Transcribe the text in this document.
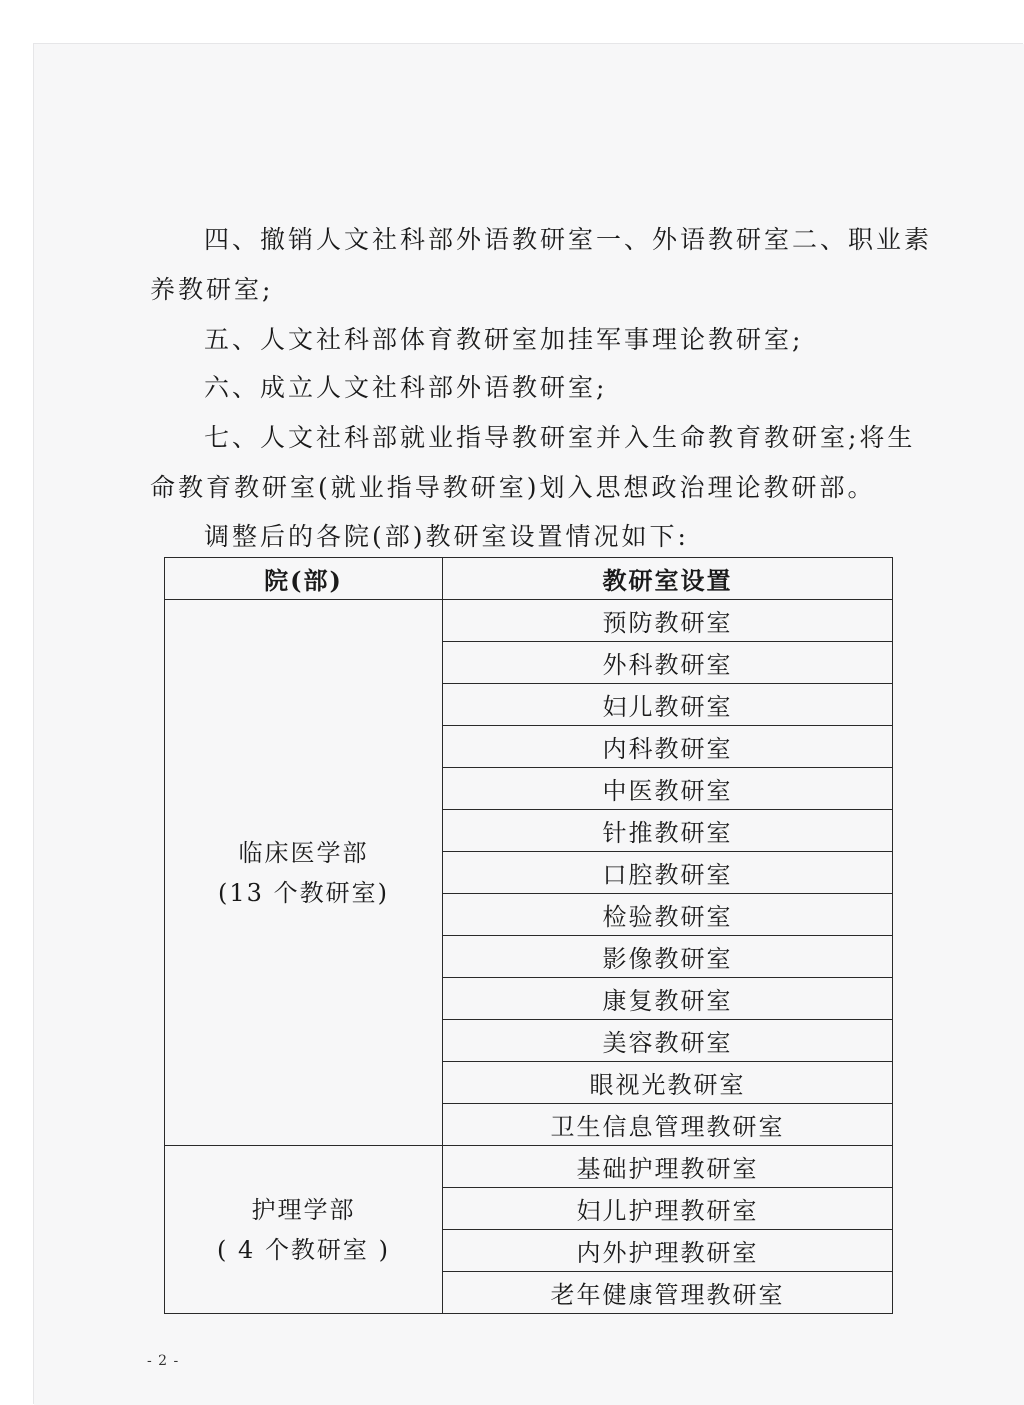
四、撤销人文社科部外语教研室一、外语教研室二、职业素
养教研室;

五、人文社科部体育教研室加挂军事理论教研室;

六、成立人文社科部外语教研室;

七、人文社科部就业指导教研室并入生命教育教研室;将生
命教育教研室(就业指导教研室)划入思想政治理论教研部。

调整后的各院(部)教研室设置情况如下:

院(部)	教研室设置

临床医学部
(13 个教研室)	预防教研室
	外科教研室
	妇儿教研室
	内科教研室
	中医教研室
	针推教研室
	口腔教研室
	检验教研室
	影像教研室
	康复教研室
	美容教研室
	眼视光教研室
	卫生信息管理教研室

护理学部
( 4 个教研室 )	基础护理教研室
	妇儿护理教研室
	内外护理教研室
	老年健康管理教研室
- 2 -
